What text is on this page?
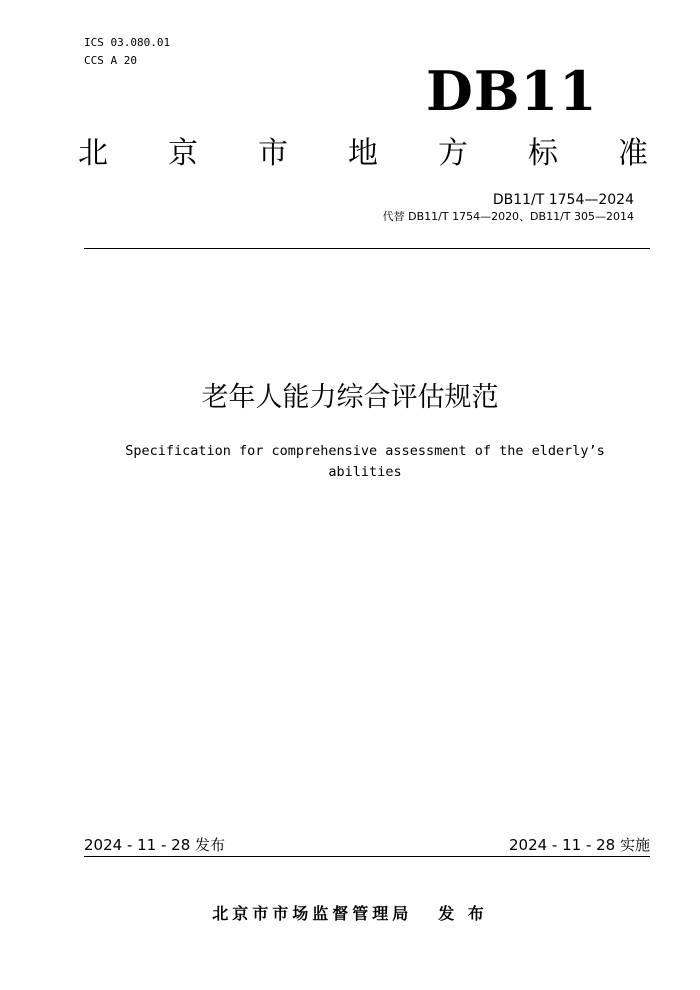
ICS 03.080.01
CCS A 20	DB11
北 京 市 地 方 标 准
DB11/T 1754—2024
代替 DB11/T 1754—2020、DB11/T 305—2014
老年人能力综合评估规范
Specification for comprehensive assessment of the elderly’s abilities
2024 - 11 - 28 发布	2024 - 11 - 28 实施
北京市市场监督管理局 发 布
